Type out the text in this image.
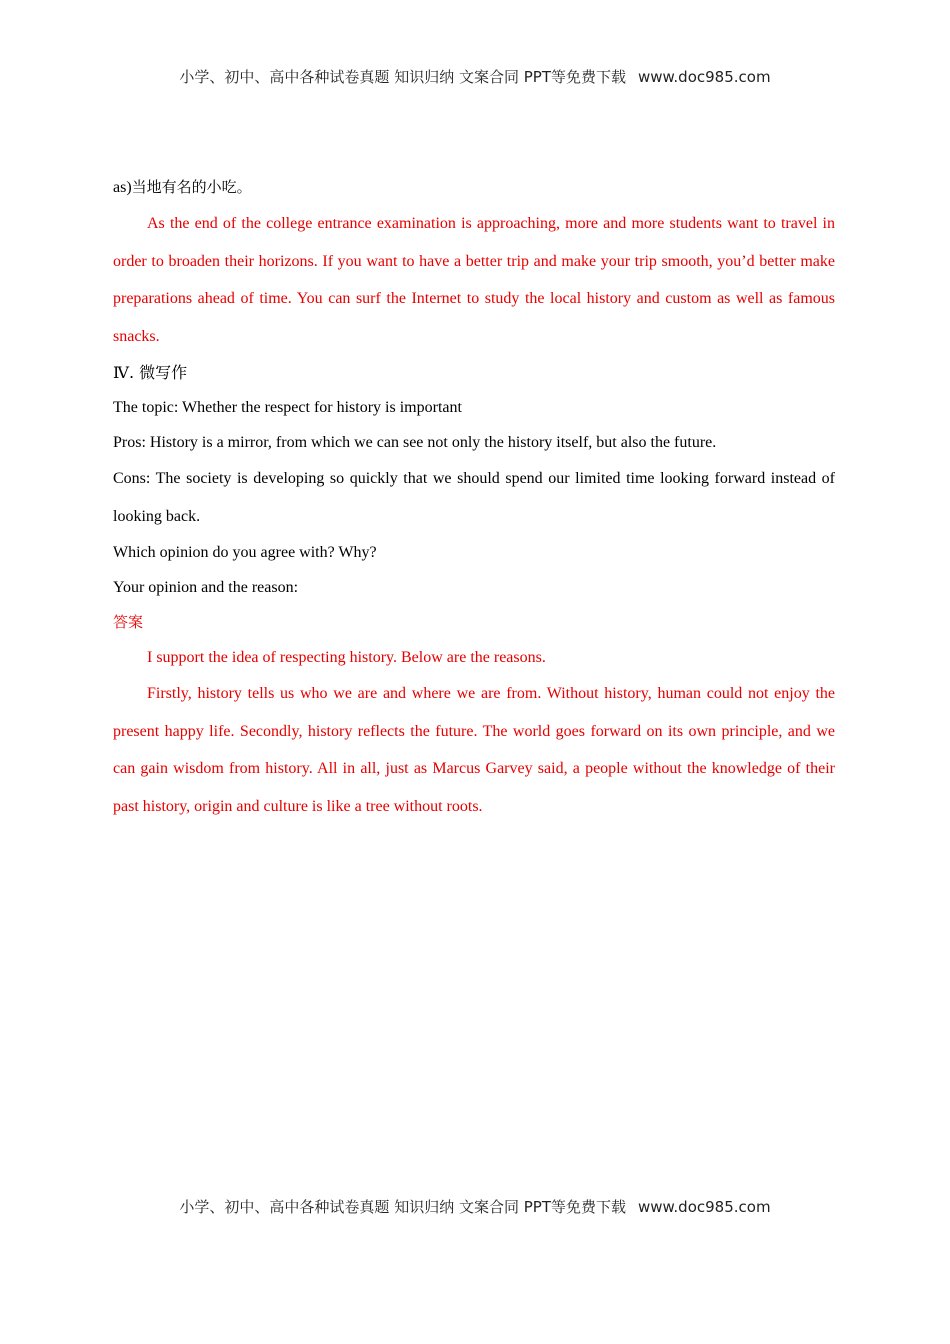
小学、初中、高中各种试卷真题 知识归纳 文案合同 PPT等免费下载 www.doc985.com

as)当地有名的小吃。

As the end of the college entrance examination is approaching, more and more students want to travel in order to broaden their horizons. If you want to have a better trip and make your trip smooth, you’d better make preparations ahead of time. You can surf the Internet to study the local history and custom as well as famous snacks.

Ⅳ. 微写作

The topic: Whether the respect for history is important

Pros: History is a mirror, from which we can see not only the history itself, but also the future.

Cons: The society is developing so quickly that we should spend our limited time looking forward instead of looking back.

Which opinion do you agree with? Why?

Your opinion and the reason:

答案

I support the idea of respecting history. Below are the reasons.

Firstly, history tells us who we are and where we are from. Without history, human could not enjoy the present happy life. Secondly, history reflects the future. The world goes forward on its own principle, and we can gain wisdom from history. All in all, just as Marcus Garvey said, a people without the knowledge of their past history, origin and culture is like a tree without roots.

小学、初中、高中各种试卷真题 知识归纳 文案合同 PPT等免费下载 www.doc985.com
